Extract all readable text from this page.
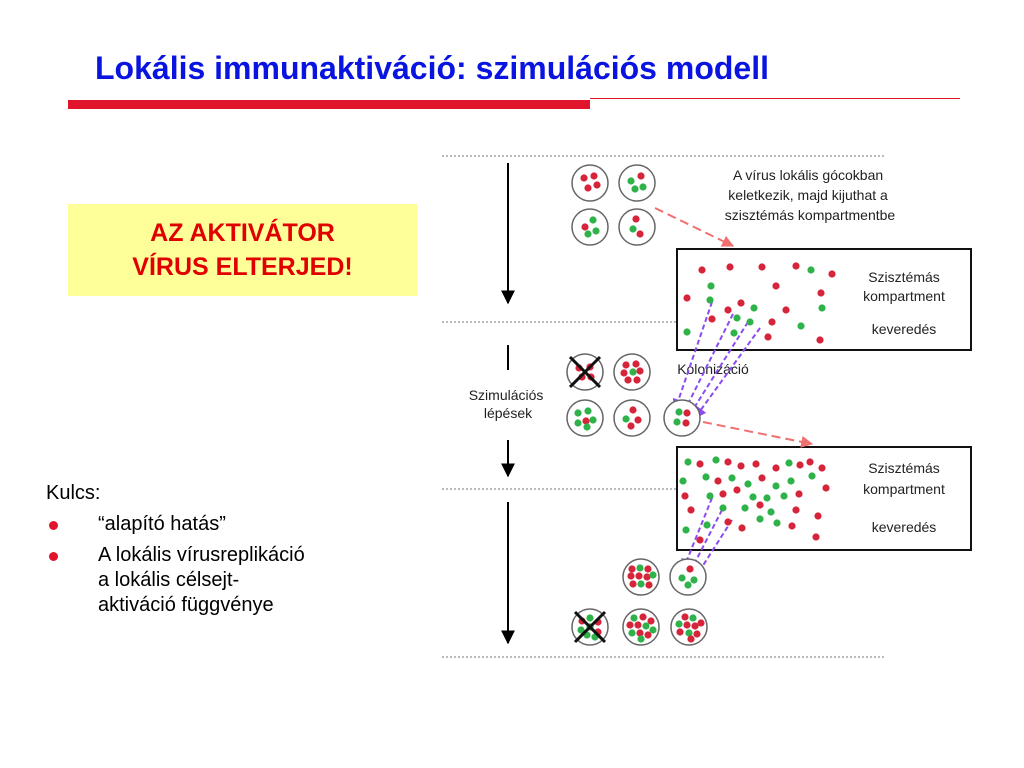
Lokális immunaktiváció: szimulációs modell
AZ AKTIVÁTOR
VÍRUS ELTERJED!
Kulcs:
“alapító hatás”
A lokális vírusreplikáció
a lokális célsejt-
aktiváció függvénye
Szimulációs lépések
A vírus lokális gócokban keletkezik, majd kijuthat a szisztémás kompartmentbe
Szisztémás
kompartment
keveredés
Szisztémás
kompartment
keveredés
Kolonizáció
